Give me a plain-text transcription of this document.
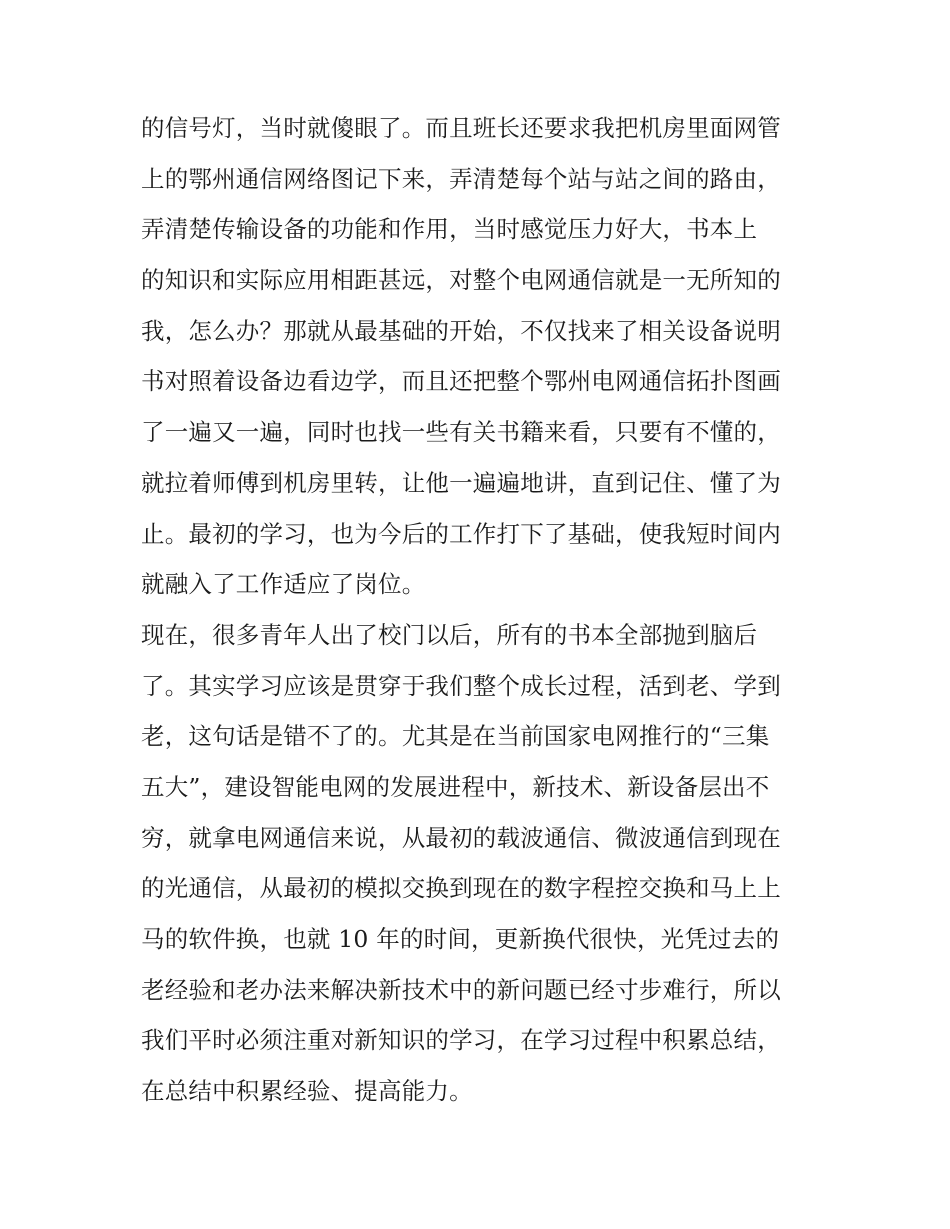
的信号灯，当时就傻眼了。而且班长还要求我把机房里面网管
上的鄂州通信网络图记下来，弄清楚每个站与站之间的路由，
弄清楚传输设备的功能和作用，当时感觉压力好大，书本上
的知识和实际应用相距甚远，对整个电网通信就是一无所知的
我，怎么办？那就从最基础的开始，不仅找来了相关设备说明
书对照着设备边看边学，而且还把整个鄂州电网通信拓扑图画
了一遍又一遍，同时也找一些有关书籍来看，只要有不懂的，
就拉着师傅到机房里转，让他一遍遍地讲，直到记住、懂了为
止。最初的学习，也为今后的工作打下了基础，使我短时间内
就融入了工作适应了岗位。
现在，很多青年人出了校门以后，所有的书本全部抛到脑后
了。其实学习应该是贯穿于我们整个成长过程，活到老、学到
老，这句话是错不了的。尤其是在当前国家电网推行的“三集
五大”，建设智能电网的发展进程中，新技术、新设备层出不
穷，就拿电网通信来说，从最初的载波通信、微波通信到现在
的光通信，从最初的模拟交换到现在的数字程控交换和马上上
马的软件换，也就 10 年的时间，更新换代很快，光凭过去的
老经验和老办法来解决新技术中的新问题已经寸步难行，所以
我们平时必须注重对新知识的学习，在学习过程中积累总结，
在总结中积累经验、提高能力。
